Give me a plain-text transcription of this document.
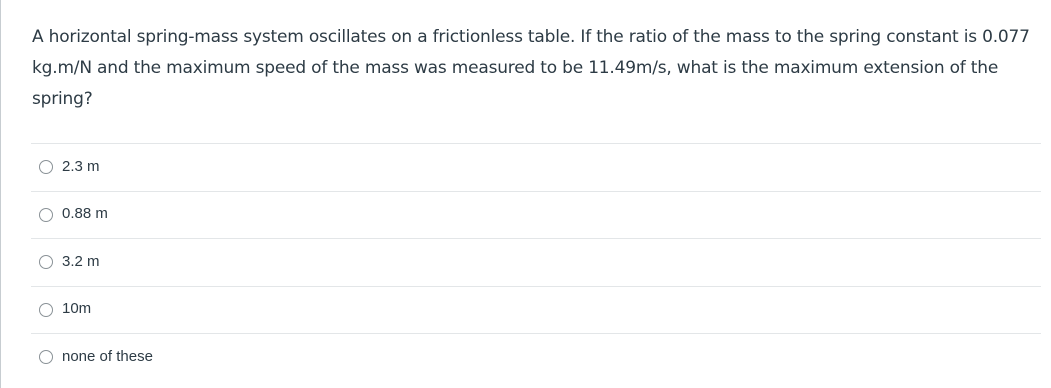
A horizontal spring-mass system oscillates on a frictionless table. If the ratio of the mass to the spring constant is 0.077 kg.m/N and the maximum speed of the mass was measured to be 11.49m/s, what is the maximum extension of the spring?

2.3 m
0.88 m
3.2 m
10m
none of these
